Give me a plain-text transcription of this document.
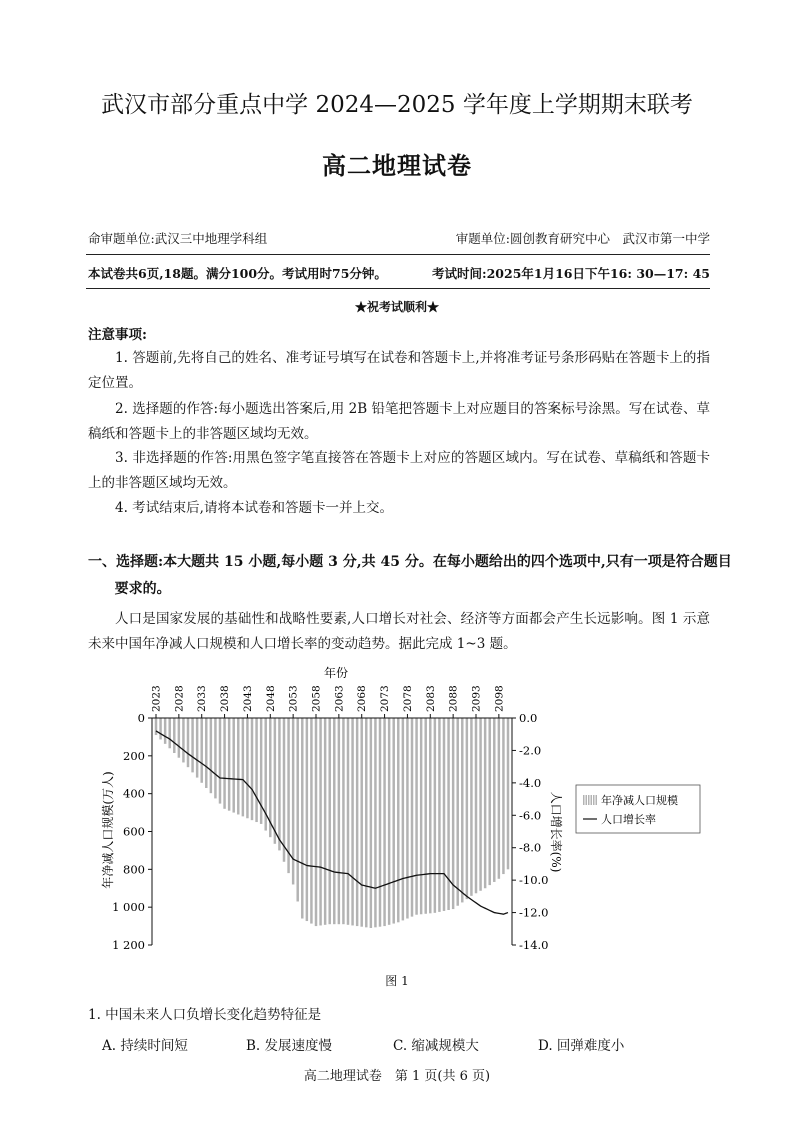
武汉市部分重点中学 2024—2025 学年度上学期期末联考
高二地理试卷
命审题单位:武汉三中地理学科组	审题单位:圆创教育研究中心　武汉市第一中学
本试卷共6页,18题。满分100分。考试用时75分钟。	考试时间:2025年1月16日下午16: 30—17: 45
★祝考试顺利★
注意事项:
1. 答题前,先将自己的姓名、准考证号填写在试卷和答题卡上,并将准考证号条形码贴在答题卡上的指定位置。
2. 选择题的作答:每小题选出答案后,用 2B 铅笔把答题卡上对应题目的答案标号涂黑。写在试卷、草稿纸和答题卡上的非答题区域均无效。
3. 非选择题的作答:用黑色签字笔直接答在答题卡上对应的答题区域内。写在试卷、草稿纸和答题卡上的非答题区域均无效。
4. 考试结束后,请将本试卷和答题卡一并上交。
一、选择题:本大题共 15 小题,每小题 3 分,共 45 分。在每小题给出的四个选项中,只有一项是符合题目要求的。
人口是国家发展的基础性和战略性要素,人口增长对社会、经济等方面都会产生长远影响。图 1 示意未来中国年净减人口规模和人口增长率的变动趋势。据此完成 1~3 题。
0
200
400
600
800
1 000
1 200
0.0
-2.0
-4.0
-6.0
-8.0
-10.0
-12.0
-14.0
2023 2028 2033 2038 2043 2048 2053 2058 2063 2068 2073 2078 2083 2088 2093 2098
年份
年净减人口规模(万人)	人口增长率(%)	年净减人口规模
人口增长率
图 1
1. 中国未来人口负增长变化趋势特征是
A. 持续时间短	B. 发展速度慢	C. 缩减规模大	D. 回弹难度小
高二地理试卷　第 1 页(共 6 页)
